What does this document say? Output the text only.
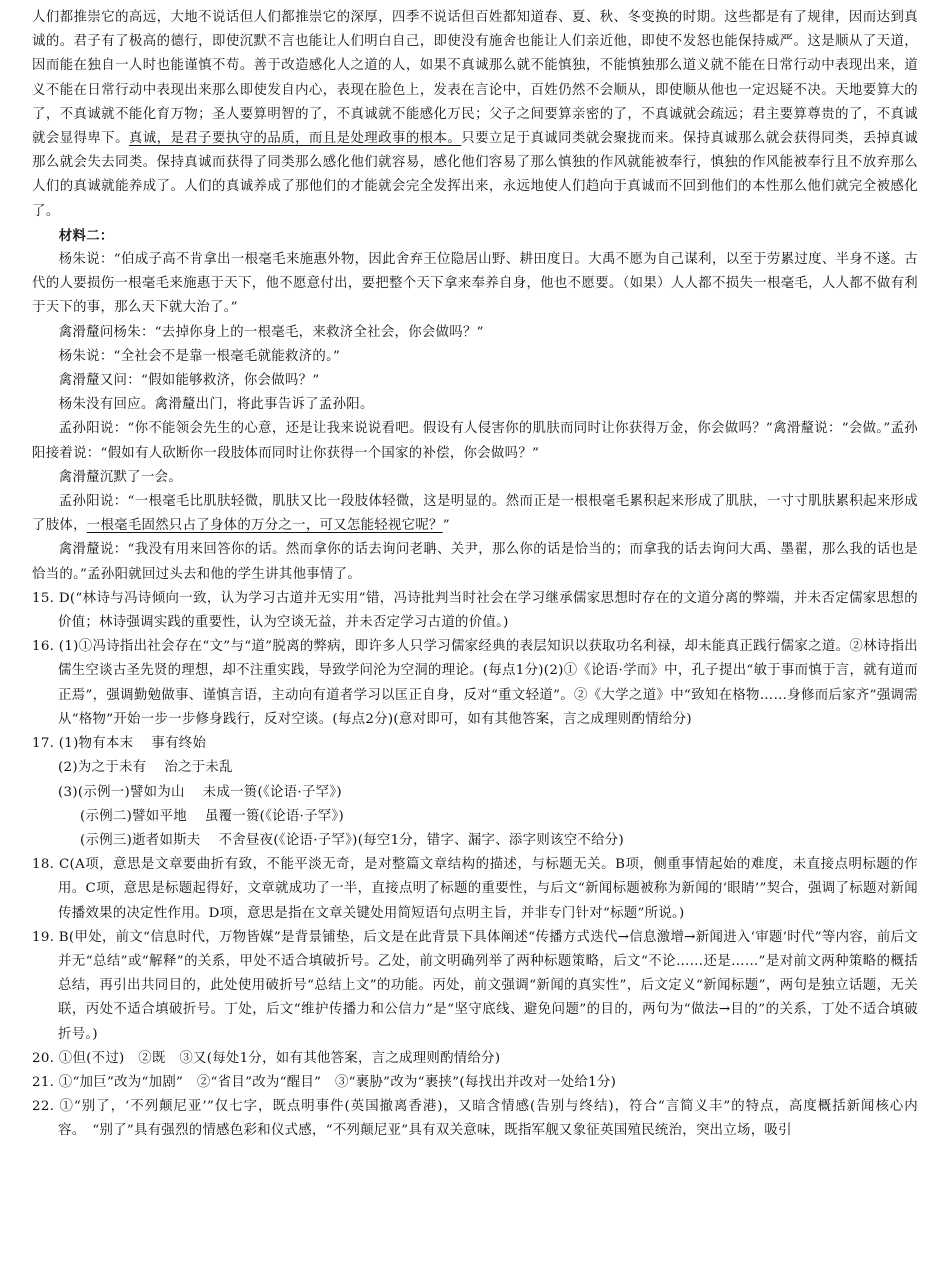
人们都推崇它的高远，大地不说话但人们都推崇它的深厚，四季不说话但百姓都知道春、夏、秋、冬变换的时期。这些都是有了规律，因而达到真诚的。君子有了极高的德行，即使沉默不言也能让人们明白自己，即使没有施舍也能让人们亲近他，即使不发怒也能保持威严。这是顺从了天道，因而能在独自一人时也能谨慎不苟。善于改造感化人之道的人，如果不真诚那么就不能慎独，不能慎独那么道义就不能在日常行动中表现出来，道义不能在日常行动中表现出来那么即使发自内心，表现在脸色上，发表在言论中，百姓仍然不会顺从，即使顺从他也一定迟疑不决。天地要算大的了，不真诚就不能化育万物；圣人要算明智的了，不真诚就不能感化万民；父子之间要算亲密的了，不真诚就会疏远；君主要算尊贵的了，不真诚就会显得卑下。真诚，是君子要执守的品质，而且是处理政事的根本。只要立足于真诚同类就会聚拢而来。保持真诚那么就会获得同类，丢掉真诚那么就会失去同类。保持真诚而获得了同类那么感化他们就容易，感化他们容易了那么慎独的作风就能被奉行，慎独的作风能被奉行且不放弃那么人们的真诚就能养成了。人们的真诚养成了那他们的才能就会完全发挥出来，永远地使人们趋向于真诚而不回到他们的本性那么他们就完全被感化了。

材料二：

杨朱说：“伯成子高不肯拿出一根毫毛来施惠外物，因此舍弃王位隐居山野、耕田度日。大禹不愿为自己谋利，以至于劳累过度、半身不遂。古代的人要损伤一根毫毛来施惠于天下，他不愿意付出，要把整个天下拿来奉养自身，他也不愿要。（如果）人人都不损失一根毫毛，人人都不做有利于天下的事，那么天下就大治了。”

禽滑釐问杨朱：“去掉你身上的一根毫毛，来救济全社会，你会做吗？”

杨朱说：“全社会不是靠一根毫毛就能救济的。”

禽滑釐又问：“假如能够救济，你会做吗？”

杨朱没有回应。禽滑釐出门，将此事告诉了孟孙阳。

孟孙阳说：“你不能领会先生的心意，还是让我来说说看吧。假设有人侵害你的肌肤而同时让你获得万金，你会做吗？”禽滑釐说：“会做。”孟孙阳接着说：“假如有人砍断你一段肢体而同时让你获得一个国家的补偿，你会做吗？”

禽滑釐沉默了一会。

孟孙阳说：“一根毫毛比肌肤轻微，肌肤又比一段肢体轻微，这是明显的。然而正是一根根毫毛累积起来形成了肌肤，一寸寸肌肤累积起来形成了肢体，一根毫毛固然只占了身体的万分之一，可又怎能轻视它呢？”

禽滑釐说：“我没有用来回答你的话。然而拿你的话去询问老聃、关尹，那么你的话是恰当的；而拿我的话去询问大禹、墨翟，那么我的话也是恰当的。”孟孙阳就回过头去和他的学生讲其他事情了。

15. D(“林诗与冯诗倾向一致，认为学习古道并无实用”错，冯诗批判当时社会在学习继承儒家思想时存在的文道分离的弊端，并未否定儒家思想的价值；林诗强调实践的重要性，认为空谈无益，并未否定学习古道的价值。)

16. (1)①冯诗指出社会存在“文”与“道”脱离的弊病，即许多人只学习儒家经典的表层知识以获取功名利禄，却未能真正践行儒家之道。②林诗指出儒生空谈古圣先贤的理想，却不注重实践，导致学问沦为空洞的理论。(每点1分)(2)①《论语·学而》中，孔子提出“敏于事而慎于言，就有道而正焉”，强调勤勉做事、谨慎言语，主动向有道者学习以匡正自身，反对“重文轻道”。②《大学之道》中“致知在格物……身修而后家齐”强调需从“格物”开始一步一步修身践行，反对空谈。(每点2分)(意对即可，如有其他答案，言之成理则酌情给分)

17. (1)物有本末 事有终始

(2)为之于未有 治之于未乱

(3)(示例一)譬如为山 未成一篑(《论语·子罕》)

(示例二)譬如平地 虽覆一篑(《论语·子罕》)

(示例三)逝者如斯夫 不舍昼夜(《论语·子罕》)(每空1分，错字、漏字、添字则该空不给分)

18. C(A项，意思是文章要曲折有致，不能平淡无奇，是对整篇文章结构的描述，与标题无关。B项，侧重事情起始的难度，未直接点明标题的作用。C项，意思是标题起得好，文章就成功了一半，直接点明了标题的重要性，与后文“新闻标题被称为新闻的‘眼睛’”契合，强调了标题对新闻传播效果的决定性作用。D项，意思是指在文章关键处用简短语句点明主旨，并非专门针对“标题”所说。)

19. B(甲处，前文“信息时代，万物皆媒”是背景铺垫，后文是在此背景下具体阐述“传播方式迭代→信息激增→新闻进入‘审题’时代”等内容，前后文并无“总结”或“解释”的关系，甲处不适合填破折号。乙处，前文明确列举了两种标题策略，后文“不论……还是……”是对前文两种策略的概括总结，再引出共同目的，此处使用破折号“总结上文”的功能。丙处，前文强调“新闻的真实性”，后文定义“新闻标题”，两句是独立话题，无关联，丙处不适合填破折号。丁处，后文“维护传播力和公信力”是“坚守底线、避免问题”的目的，两句为“做法→目的”的关系，丁处不适合填破折号。)

20. ①但(不过)　②既　③又(每处1分，如有其他答案，言之成理则酌情给分)

21. ①“加巨”改为“加剧”　②“省目”改为“醒目”　③“裹胁”改为“裹挟”(每找出并改对一处给1分)

22. ①“别了，‘不列颠尼亚’”仅七字，既点明事件(英国撤离香港)，又暗含情感(告别与终结)，符合“言简义丰”的特点，高度概括新闻核心内容。　“别了”具有强烈的情感色彩和仪式感，“不列颠尼亚”具有双关意味，既指军舰又象征英国殖民统治，突出立场，吸引
